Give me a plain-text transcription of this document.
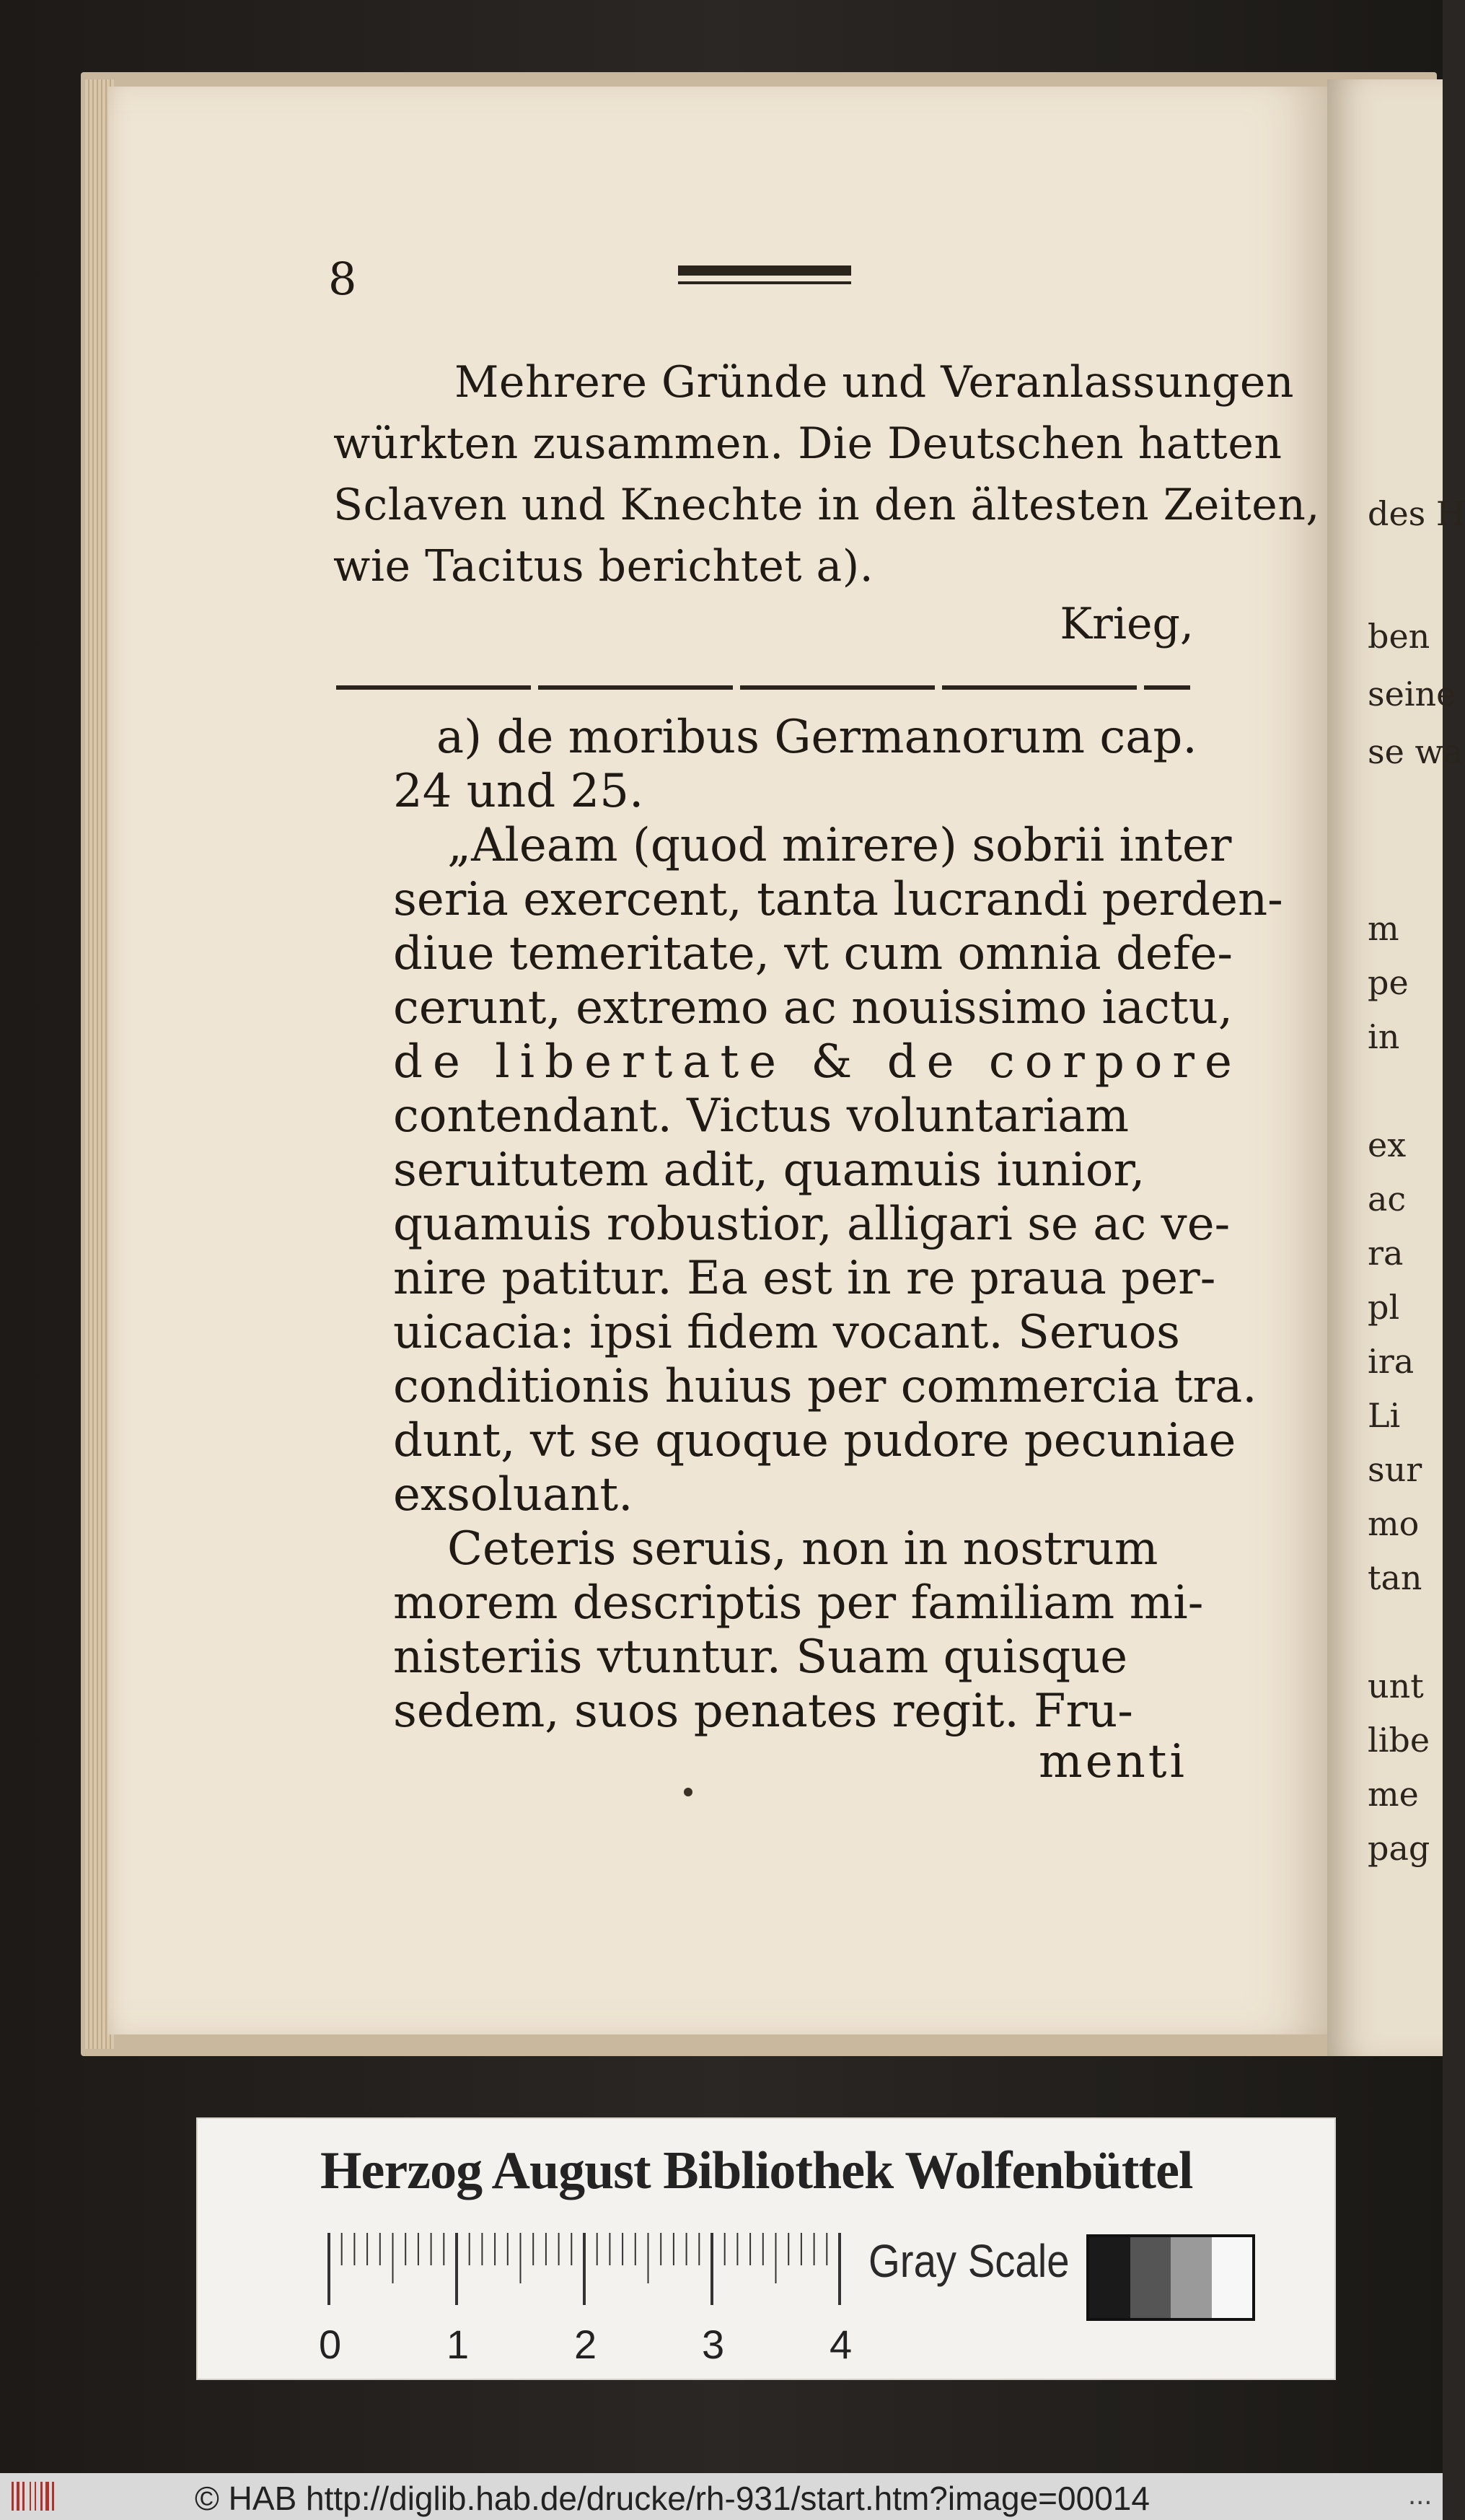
des H
ben
seine
se wa
m
pe
in
ex
ac
ra
pl
ira
Li
sur
mo
tan
unt
libe
me
pag
8
Mehrere Gründe und Veranlassungen
würkten zusammen. Die Deutschen hatten
Sclaven und Knechte in den ältesten Zeiten,
wie Tacitus berichtet a).
Krieg,
a) de moribus Germanorum cap.
24 und 25.
„Aleam (quod mirere) sobrii inter
seria exercent, tanta lucrandi perden-
diue temeritate, vt cum omnia defe-
cerunt, extremo ac nouissimo iactu,
de libertate & de corpore
contendant. Victus voluntariam
seruitutem adit, quamuis iunior,
quamuis robustior, alligari se ac ve-
nire patitur. Ea est in re praua per-
uicacia: ipsi fidem vocant. Seruos
conditionis huius per commercia tra.
dunt, vt se quoque pudore pecuniae
exsoluant.
Ceteris seruis, non in nostrum
morem descriptis per familiam mi-
nisteriis vtuntur. Suam quisque
sedem, suos penates regit. Fru-
menti
Herzog August Bibliothek Wolfenbüttel
0	1	2	3	4
Gray Scale
© HAB http://diglib.hab.de/drucke/rh-931/start.htm?image=00014	...
